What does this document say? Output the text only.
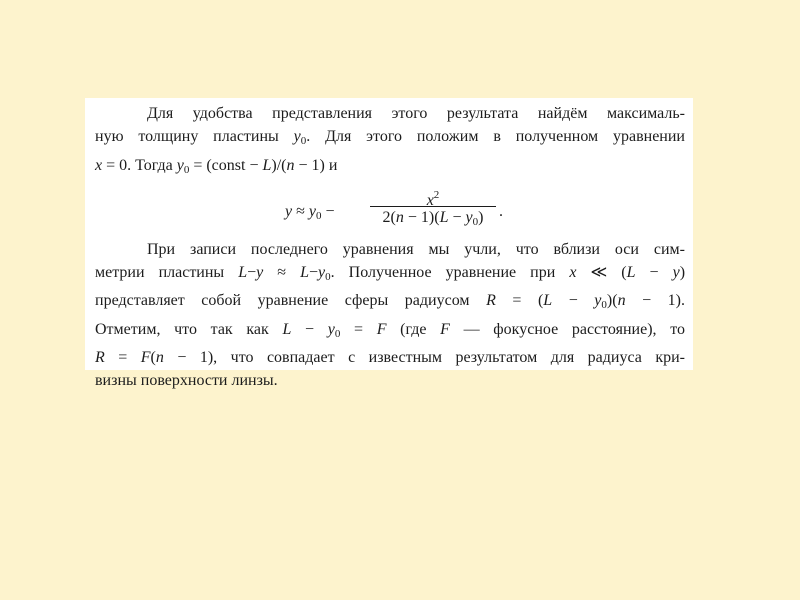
Для удобства представления этого результата найдём максималь-
ную толщину пластины $y_0$. Для этого положим в полученном уравнении
x = 0. Тогда $y_0$ = (const − L)/(n − 1) и
$y \approx y_0$ −
$x^2$
$2(n - 1)(L - y_0)$ .
При записи последнего уравнения мы учли, что вблизи оси сим-
метрии пластины $L-y \approx L-y_0$. Полученное уравнение при x ≪ (L − y)
представляет собой уравнение сферы радиусом $R = (L - y_0)(n - 1)$.
Отметим, что так как $L - y_0 = F$ (где F — фокусное расстояние), то
R = F(n − 1), что совпадает с известным результатом для радиуса кри-
визны поверхности линзы.
